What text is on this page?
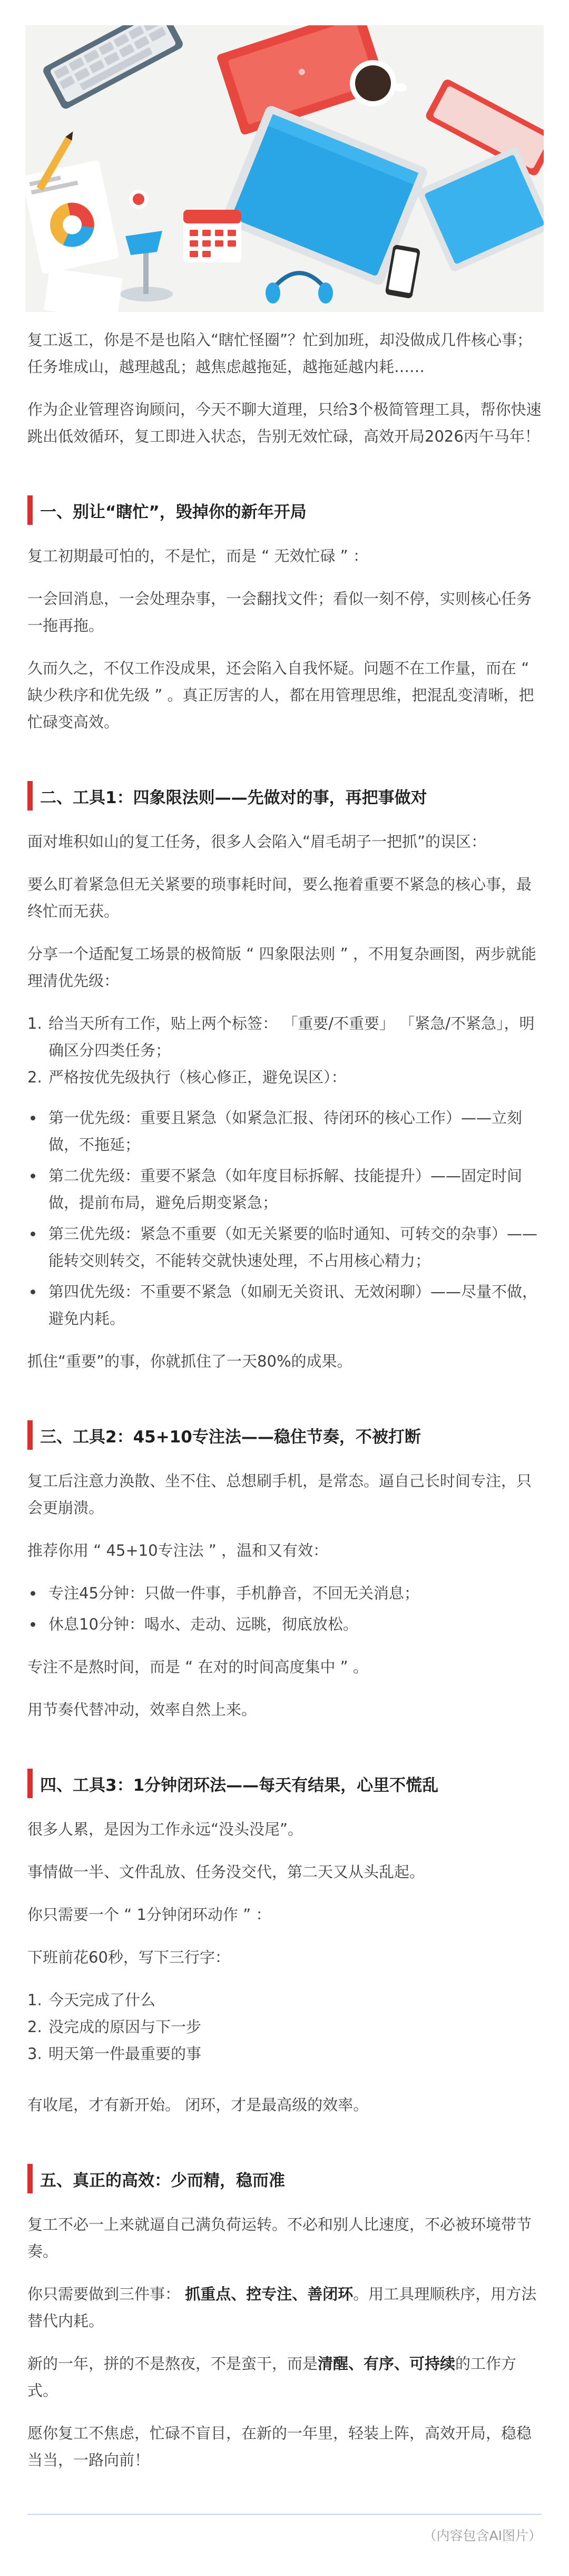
复工返工，你是不是也陷入“瞎忙怪圈”？忙到加班，却没做成几件核心事；任务堆成山，越理越乱；越焦虑越拖延，越拖延越内耗……

作为企业管理咨询顾问，今天不聊大道理，只给3个极简管理工具，帮你快速跳出低效循环，复工即进入状态，告别无效忙碌，高效开局2026丙午马年！

一、别让“瞎忙”，毁掉你的新年开局

复工初期最可怕的，不是忙，而是 “ 无效忙碌 ” ：

一会回消息，一会处理杂事，一会翻找文件；看似一刻不停，实则核心任务一拖再拖。

久而久之，不仅工作没成果，还会陷入自我怀疑。问题不在工作量，而在 “ 缺少秩序和优先级 ” 。真正厉害的人，都在用管理思维，把混乱变清晰，把忙碌变高效。

二、工具1：四象限法则——先做对的事，再把事做对

面对堆积如山的复工任务，很多人会陷入“眉毛胡子一把抓”的误区：

要么盯着紧急但无关紧要的琐事耗时间，要么拖着重要不紧急的核心事，最终忙而无获。

分享一个适配复工场景的极简版 “ 四象限法则 ” ，不用复杂画图，两步就能理清优先级：

1. 给当天所有工作，贴上两个标签： 「重要/不重要」 「紧急/不紧急」，明确区分四类任务；
2. 严格按优先级执行（核心修正，避免误区）：
第一优先级：重要且紧急（如紧急汇报、待闭环的核心工作）——立刻做，不拖延；
第二优先级：重要不紧急（如年度目标拆解、技能提升）——固定时间做，提前布局，避免后期变紧急；
第三优先级：紧急不重要（如无关紧要的临时通知、可转交的杂事）——能转交则转交，不能转交就快速处理，不占用核心精力；
第四优先级：不重要不紧急（如刷无关资讯、无效闲聊）——尽量不做，避免内耗。

抓住“重要”的事，你就抓住了一天80%的成果。

三、工具2：45+10专注法——稳住节奏，不被打断

复工后注意力涣散、坐不住、总想刷手机，是常态。逼自己长时间专注，只会更崩溃。

推荐你用 “ 45+10专注法 ” ，温和又有效：

专注45分钟：只做一件事，手机静音，不回无关消息；
休息10分钟：喝水、走动、远眺，彻底放松。

专注不是熬时间，而是 “ 在对的时间高度集中 ” 。

用节奏代替冲动，效率自然上来。

四、工具3：1分钟闭环法——每天有结果，心里不慌乱

很多人累，是因为工作永远“没头没尾”。

事情做一半、文件乱放、任务没交代，第二天又从头乱起。

你只需要一个 “ 1分钟闭环动作 ” ：

下班前花60秒，写下三行字：

1. 今天完成了什么
2. 没完成的原因与下一步
3. 明天第一件最重要的事

有收尾，才有新开始。 闭环，才是最高级的效率。

五、真正的高效：少而精，稳而准

复工不必一上来就逼自己满负荷运转。不必和别人比速度，不必被环境带节奏。

你只需要做到三件事： 抓重点、控专注、善闭环。用工具理顺秩序，用方法替代内耗。

新的一年，拼的不是熬夜，不是蛮干，而是清醒、有序、可持续的工作方式。

愿你复工不焦虑，忙碌不盲目，在新的一年里，轻装上阵，高效开局，稳稳当当，一路向前！

（内容包含AI图片）
